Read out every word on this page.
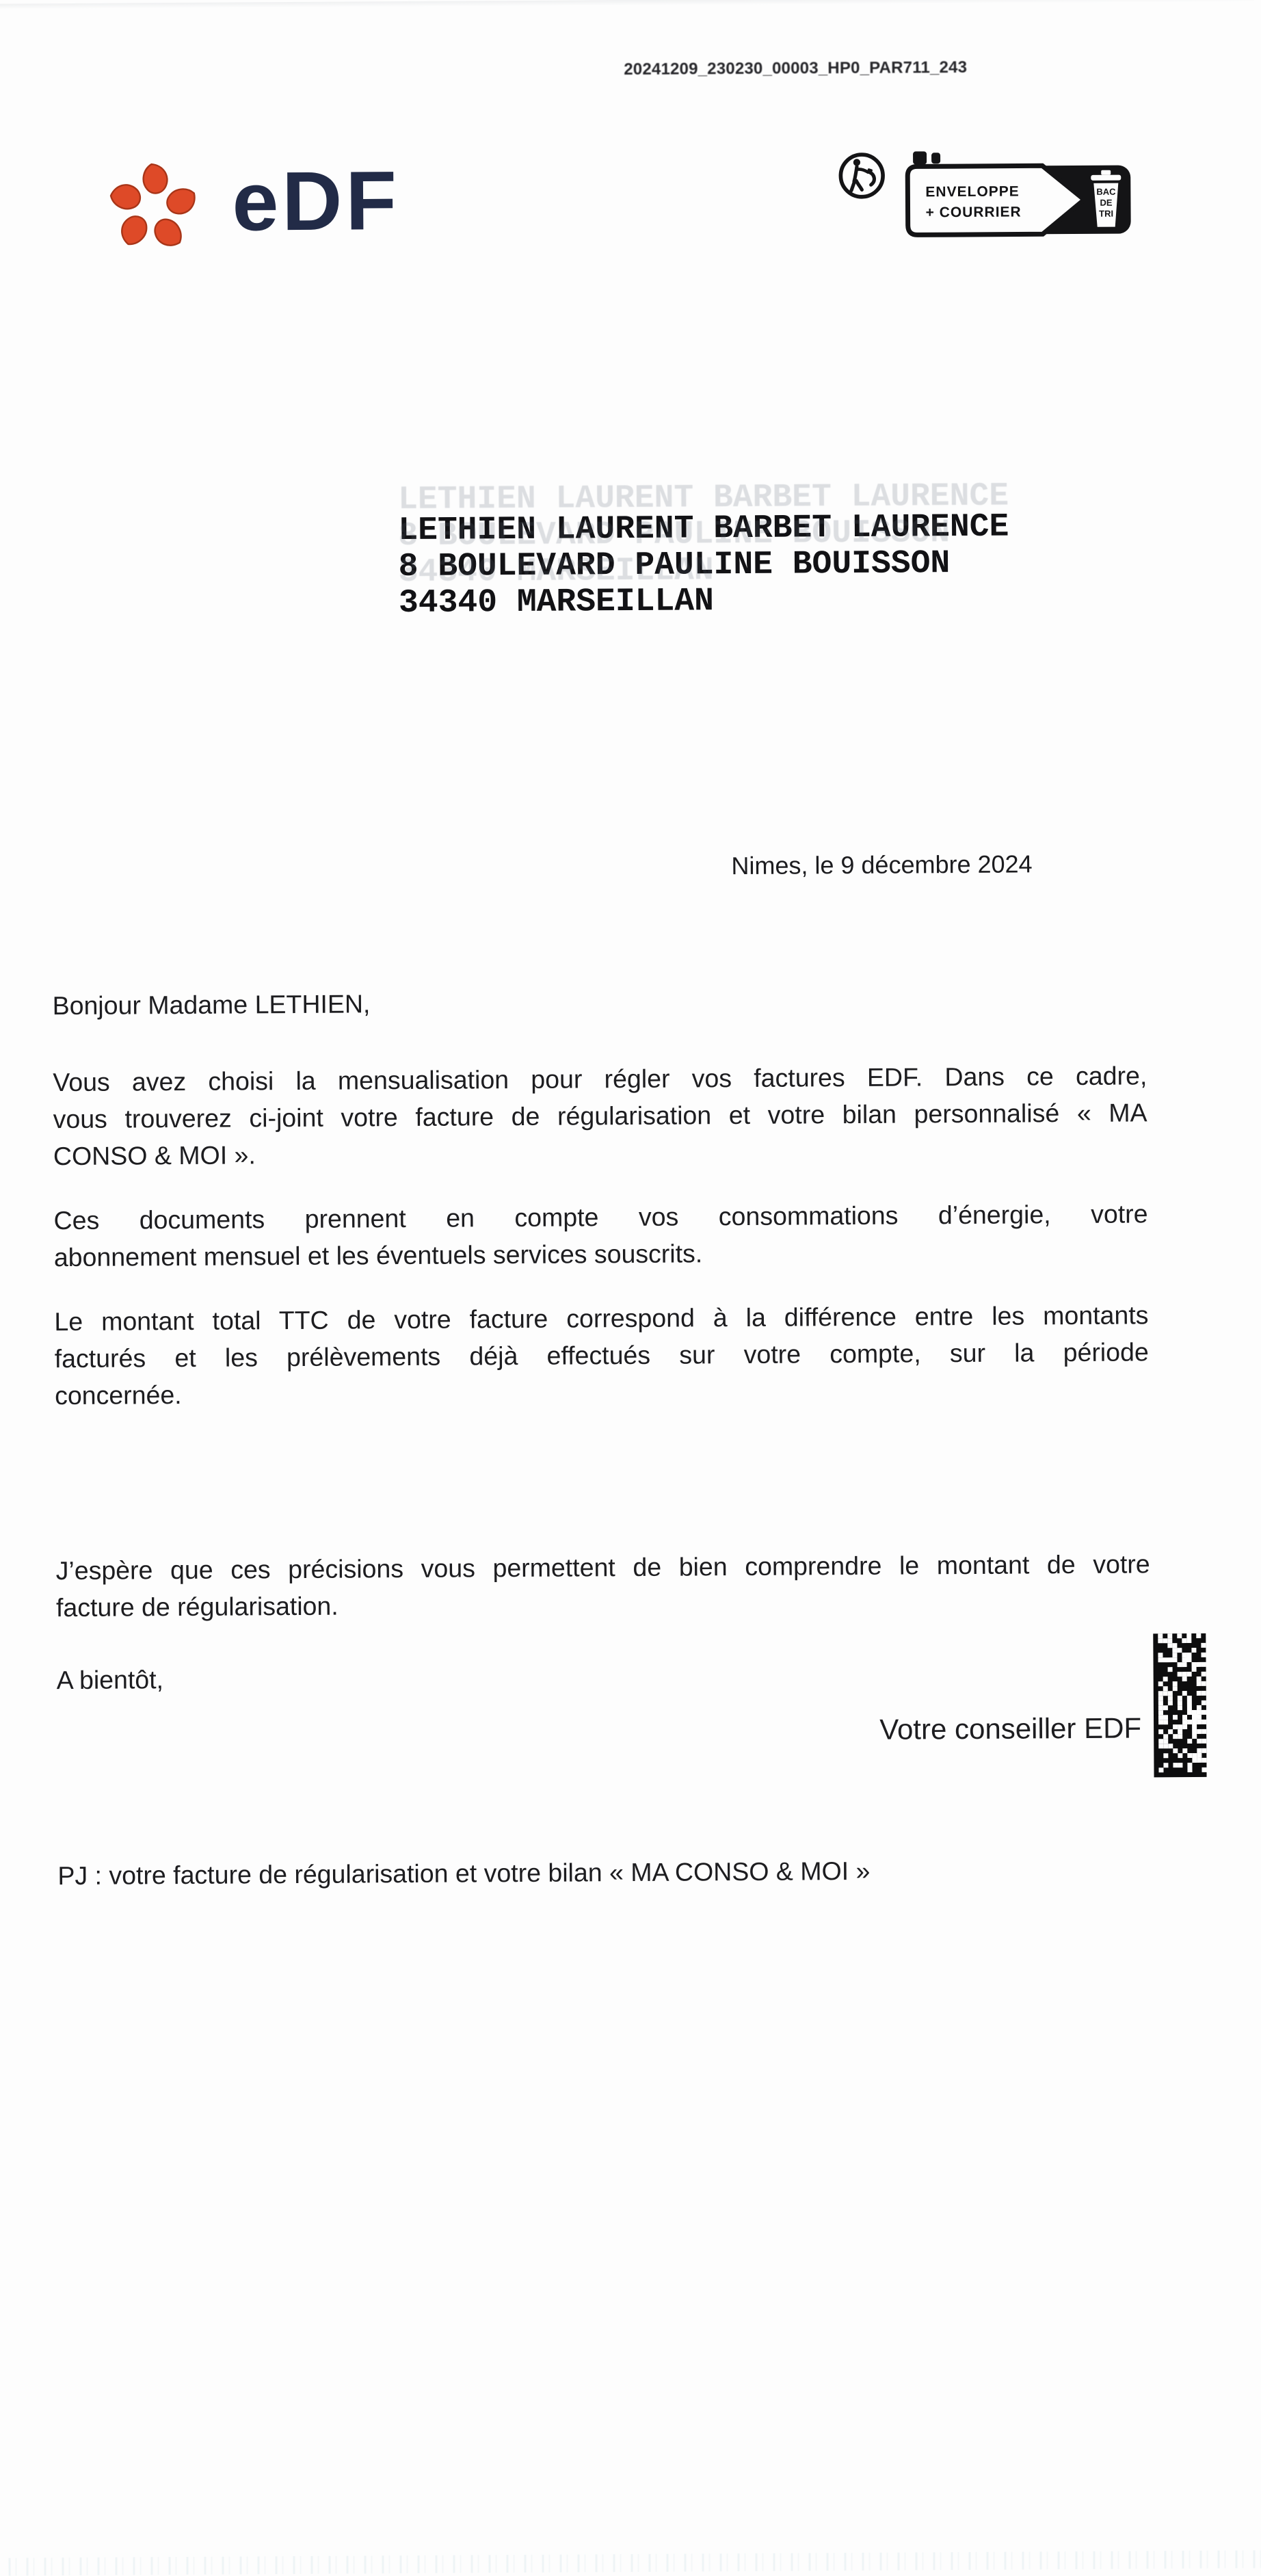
20241209_230230_00003_HP0_PAR711_243
eDF	ENVELOPPE
+ COURRIER
BAC
DE
TRI
LETHIEN LAURENT BARBET LAURENCE
8 BOULEVARD PAULINE BOUISSON
34340 MARSEILLAN
Nimes, le 9 décembre 2024
Bonjour Madame LETHIEN,
Vous avez choisi la mensualisation pour régler vos factures EDF. Dans ce cadre,
vous trouverez ci-joint votre facture de régularisation et votre bilan personnalisé « MA
CONSO & MOI ».
Ces documents prennent en compte vos consommations d’énergie, votre
abonnement mensuel et les éventuels services souscrits.
Le montant total TTC de votre facture correspond à la différence entre les montants
facturés et les prélèvements déjà effectués sur votre compte, sur la période
concernée.
J’espère que ces précisions vous permettent de bien comprendre le montant de votre
facture de régularisation.
A bientôt,
Votre conseiller EDF
PJ : votre facture de régularisation et votre bilan « MA CONSO & MOI »
